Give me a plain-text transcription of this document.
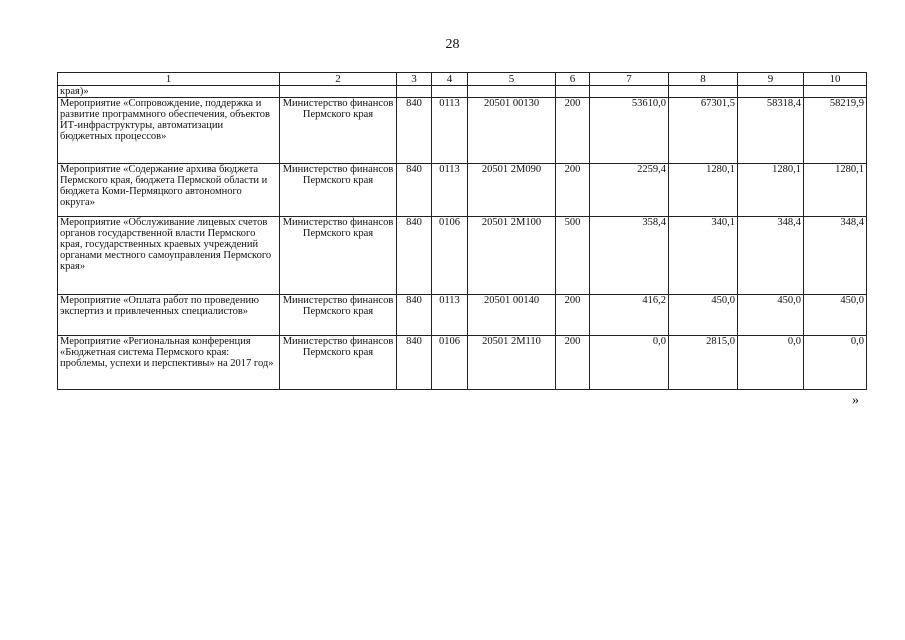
28
1	2	3	4	5	6	7	8	9	10
края)»									
Мероприятие «Сопровождение, поддержка и развитие программного обеспечения, объектов ИТ-инфраструктуры, автоматизации бюджетных процессов»	Министерство финансов Пермского края	840	0113	20501 00130	200	53610,0	67301,5	58318,4	58219,9
Мероприятие «Содержание архива бюджета Пермского края, бюджета Пермской области и бюджета Коми-Пермяцкого автономного округа»	Министерство финансов Пермского края	840	0113	20501 2М090	200	2259,4	1280,1	1280,1	1280,1
Мероприятие «Обслуживание лицевых счетов органов государственной власти Пермского края, государственных краевых учреждений органами местного самоуправления Пермского края»	Министерство финансов Пермского края	840	0106	20501 2М100	500	358,4	340,1	348,4	348,4
Мероприятие «Оплата работ по проведению экспертиз и привлеченных специалистов»	Министерство финансов Пермского края	840	0113	20501 00140	200	416,2	450,0	450,0	450,0
Мероприятие «Региональная конференция «Бюджетная система Пермского края: проблемы, успехи и перспективы» на 2017 год»	Министерство финансов Пермского края	840	0106	20501 2М110	200	0,0	2815,0	0,0	0,0
»
